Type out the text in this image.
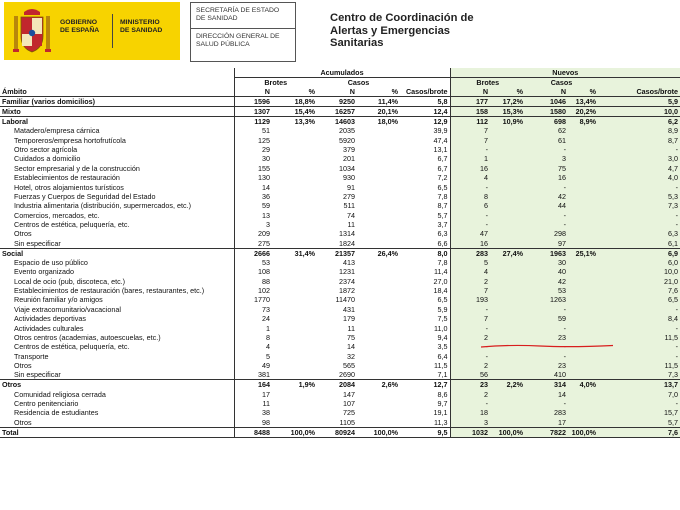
GOBIERNO
DE ESPAÑA
MINISTERIO
DE SANIDAD
SECRETARÍA DE ESTADO
DE SANIDAD
DIRECCIÓN GENERAL DE
SALUD PÚBLICA
Centro de Coordinación de
Alertas y Emergencias
Sanitarias
	Acumulados					Nuevos				
	Brotes		Casos			Brotes		Casos		
Ámbito	N	%	N	%	Casos/brote	N	%	N	%	Casos/brote
Familiar (varios domicilios)	1596	18,8%	9250	11,4%	5,8	177	17,2%	1046	13,4%	5,9
Mixto	1307	15,4%	16257	20,1%	12,4	158	15,3%	1580	20,2%	10,0
Laboral	1129	13,3%	14603	18,0%	12,9	112	10,9%	698	8,9%	6,2
Matadero/empresa cárnica	51		2035		39,9	7		62		8,9
Temporeros/empresa hortofrutícola	125		5920		47,4	7		61		8,7
Otro sector agrícola	29		379		13,1	-		-		-
Cuidados a domicilio	30		201		6,7	1		3		3,0
Sector empresarial y de la construcción	155		1034		6,7	16		75		4,7
Establecimientos de restauración	130		930		7,2	4		16		4,0
Hotel, otros alojamientos turísticos	14		91		6,5	-		-		-
Fuerzas y Cuerpos de Seguridad del Estado	36		279		7,8	8		42		5,3
Industria alimentaria (distribución, supermercados, etc.)	59		511		8,7	6		44		7,3
Comercios, mercados, etc.	13		74		5,7	-		-		-
Centros de estética, peluquería, etc.	3		11		3,7	-		-		-
Otros	209		1314		6,3	47		298		6,3
Sin especificar	275		1824		6,6	16		97		6,1
Social	2666	31,4%	21357	26,4%	8,0	283	27,4%	1963	25,1%	6,9
Espacio de uso público	53		413		7,8	5		30		6,0
Evento organizado	108		1231		11,4	4		40		10,0
Local de ocio (pub, discoteca, etc.)	88		2374		27,0	2		42		21,0
Establecimientos de restauración (bares, restaurantes, etc.)	102		1872		18,4	7		53		7,6
Reunión familiar y/o amigos	1770		11470		6,5	193		1263		6,5
Viaje extracomunitario/vacacional	73		431		5,9	-		-		-
Actividades deportivas	24		179		7,5	7		59		8,4
Actividades culturales	1		11		11,0	-		-		-
Otros centros (academias, autoescuelas, etc.)	8		75		9,4	2		23		11,5
Centros de estética, peluquería, etc.	4		14		3,5	-		-		-
Transporte	5		32		6,4	-		-		-
Otros	49		565		11,5	2		23		11,5
Sin especificar	381		2690		7,1	56		410		7,3
Otros	164	1,9%	2084	2,6%	12,7	23	2,2%	314	4,0%	13,7
Comunidad religiosa cerrada	17		147		8,6	2		14		7,0
Centro penitenciario	11		107		9,7	-		-		-
Residencia de estudiantes	38		725		19,1	18		283		15,7
Otros	98		1105		11,3	3		17		5,7
Total	8488	100,0%	80924	100,0%	9,5	1032	100,0%	7822	100,0%	7,6
